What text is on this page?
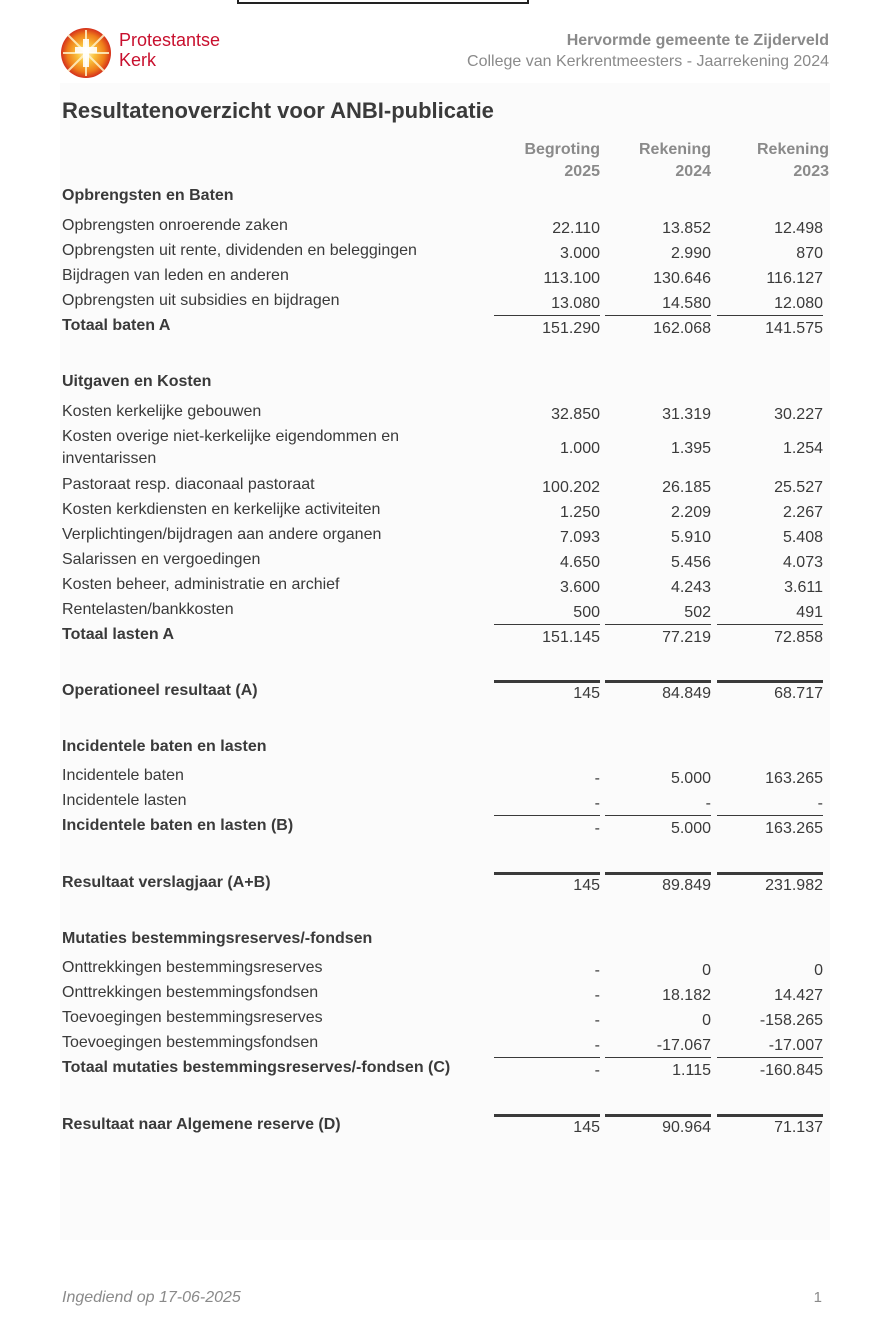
Protestantse
Kerk
Hervormde gemeente te Zijderveld
College van Kerkrentmeesters - Jaarrekening 2024
Resultatenoverzicht voor ANBI-publicatie
Begroting
2025
Rekening
2024
Rekening
2023
Opbrengsten en Baten
Opbrengsten onroerende zaken	22.110	13.852	12.498
Opbrengsten uit rente, dividenden en beleggingen	3.000	2.990	870
Bijdragen van leden en anderen	113.100	130.646	116.127
Opbrengsten uit subsidies en bijdragen	13.080	14.580	12.080
Totaal baten A	151.290	162.068	141.575
Uitgaven en Kosten
Kosten kerkelijke gebouwen	32.850	31.319	30.227
Kosten overige niet-kerkelijke eigendommen en inventarissen
1.000	1.395	1.254
Pastoraat resp. diaconaal pastoraat	100.202	26.185	25.527
Kosten kerkdiensten en kerkelijke activiteiten	1.250	2.209	2.267
Verplichtingen/bijdragen aan andere organen	7.093	5.910	5.408
Salarissen en vergoedingen	4.650	5.456	4.073
Kosten beheer, administratie en archief	3.600	4.243	3.611
Rentelasten/bankkosten	500	502	491
Totaal lasten A	151.145	77.219	72.858
Operationeel resultaat (A)	145	84.849	68.717
Incidentele baten en lasten
Incidentele baten	-	5.000	163.265
Incidentele lasten	-	-	-
Incidentele baten en lasten (B)	-	5.000	163.265
Resultaat verslagjaar (A+B)	145	89.849	231.982
Mutaties bestemmingsreserves/-fondsen
Onttrekkingen bestemmingsreserves	-	0	0
Onttrekkingen bestemmingsfondsen	-	18.182	14.427
Toevoegingen bestemmingsreserves	-	0	-158.265
Toevoegingen bestemmingsfondsen	-	-17.067	-17.007
Totaal mutaties bestemmingsreserves/-fondsen (C)	-	1.115	-160.845
Resultaat naar Algemene reserve (D)	145	90.964	71.137
Ingediend op 17-06-2025	1
